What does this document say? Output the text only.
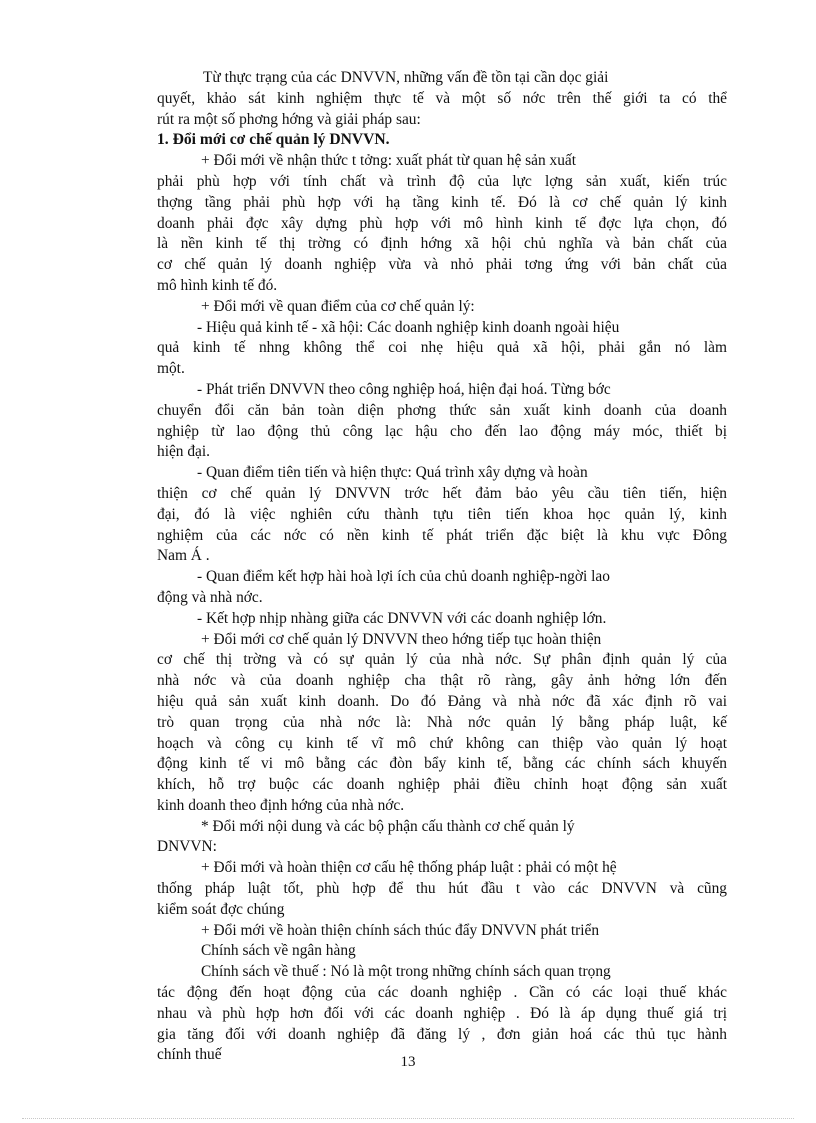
Từ thực trạng của các DNVVN, những vấn đề tồn tại cần dọc giải
quyết, khảo sát kinh nghiệm thực tế và một số nớc trên thế giới ta có thể
rút ra một số phơng hớng và giải pháp sau:
1. Đổi mới cơ chế quản lý DNVVN.
+ Đổi mới về nhận thức t tởng: xuất phát từ quan hệ sản xuất
phải phù hợp với tính chất và trình độ của lực lợng sản xuất, kiến trúc
thợng tầng phải phù hợp với hạ tầng kinh tế. Đó là cơ chế quản lý kinh
doanh phải đợc xây dựng phù hợp với mô hình kinh tế đợc lựa chọn, đó
là nền kinh tế thị trờng có định hớng xã hội chủ nghĩa và bản chất của
cơ chế quản lý doanh nghiệp vừa và nhỏ phải tơng ứng với bản chất của
mô hình kinh tế đó.
+ Đổi mới về quan điểm của cơ chế quản lý:
- Hiệu quả kinh tế - xã hội: Các doanh nghiệp kinh doanh ngoài hiệu
quả kinh tế nhng không thể coi nhẹ hiệu quả xã hội, phải gắn nó làm
một.
- Phát triển DNVVN theo công nghiệp hoá, hiện đại hoá. Từng bớc
chuyển đổi căn bản toàn diện phơng thức sản xuất kinh doanh của doanh
nghiệp từ lao động thủ công lạc hậu cho đến lao động máy móc, thiết bị
hiện đại.
- Quan điểm tiên tiến và hiện thực: Quá trình xây dựng và hoàn
thiện cơ chế quản lý DNVVN trớc hết đảm bảo yêu cầu tiên tiến, hiện
đại, đó là việc nghiên cứu thành tựu tiên tiến khoa học quản lý, kinh
nghiệm của các nớc có nền kinh tế phát triển đặc biệt là khu vực Đông
Nam Á .
- Quan điểm kết hợp hài hoà lợi ích của chủ doanh nghiệp-ngời lao
động và nhà nớc.
- Kết hợp nhịp nhàng giữa các DNVVN với các doanh nghiệp lớn.
+ Đổi mới cơ chế quản lý DNVVN theo hớng tiếp tục hoàn thiện
cơ chế thị trờng và có sự quản lý của nhà nớc. Sự phân định quản lý của
nhà nớc và của doanh nghiệp cha thật rõ ràng, gây ảnh hởng lớn đến
hiệu quả sản xuất kinh doanh. Do đó Đảng và nhà nớc đã xác định rõ vai
trò quan trọng của nhà nớc là: Nhà nớc quản lý bằng pháp luật, kế
hoạch và công cụ kinh tế vĩ mô chứ không can thiệp vào quản lý hoạt
động kinh tế vi mô bằng các đòn bẩy kinh tế, bằng các chính sách khuyến
khích, hỗ trợ buộc các doanh nghiệp phải điều chỉnh hoạt động sản xuất
kinh doanh theo định hớng của nhà nớc.
* Đổi mới nội dung và các bộ phận cấu thành cơ chế quản lý
DNVVN:
+ Đổi mới và hoàn thiện cơ cấu hệ thống pháp luật : phải có một hệ
thống pháp luật tốt, phù hợp để thu hút đầu t vào các DNVVN và cũng
kiểm soát đợc chúng
+ Đổi mới về hoàn thiện chính sách thúc đẩy DNVVN phát triển
Chính sách về ngân hàng
Chính sách về thuế : Nó là một trong những chính sách quan trọng
tác động đến hoạt động của các doanh nghiệp . Cần có các loại thuế khác
nhau và phù hợp hơn đối với các doanh nghiệp . Đó là áp dụng thuế giá trị
gia tăng đối với doanh nghiệp đã đăng lý , đơn giản hoá các thủ tục hành
chính thuế	13
